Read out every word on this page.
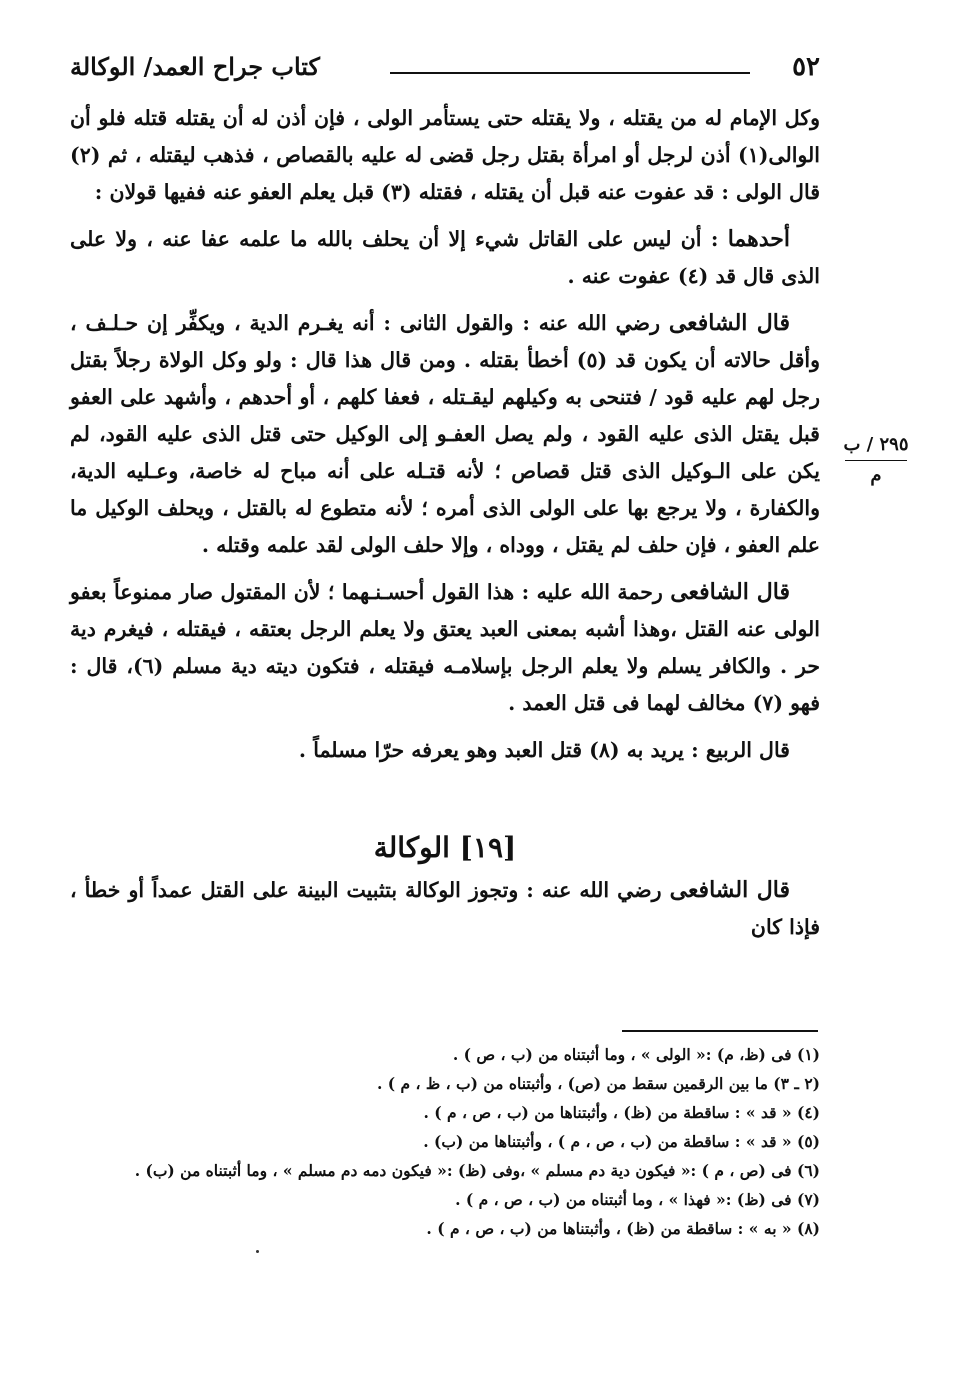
٥٢
كتاب جراح العمد/ الوكالة
٢٩٥ / ب
م

وكل الإمام له من يقتله ، ولا يقتله حتى يستأمر الولى ، فإن أذن له أن يقتله قتله فلو أن الوالى(١) أذن لرجل أو امرأة بقتل رجل قضى له عليه بالقصاص ، فذهب ليقتله ، ثم (٢) قال الولى : قد عفوت عنه قبل أن يقتله ، فقتله (٣) قبل يعلم العفو عنه ففيها قولان :

أحدهما : أن ليس على القاتل شيء إلا أن يحلف بالله ما علمه عفا عنه ، ولا على الذى قال قد (٤) عفوت عنه .

قال الشافعى رضي الله عنه : والقول الثانى : أنه يغـرم الدية ، ويكفِّر إن حـلـف ، وأقل حالاته أن يكون قد (٥) أخطأ بقتله . ومن قال هذا قال : ولو وكل الولاة رجلاً بقتل رجل لهم عليه قود / فتنحى به وكيلهم ليقـتله ، فعفا كلهم ، أو أحدهم ، وأشهد على العفو قبل يقتل الذى عليه القود ، ولم يصل العفـو إلى الوكيل حتى قتل الذى عليه القود، لم يكن على الـوكيل الذى قتل قصاص ؛ لأنه قتـله على أنه مباح له خاصة، وعـليه الدية، والكفارة ، ولا يرجع بها على الولى الذى أمره ؛ لأنه متطوع له بالقتل ، ويحلف الوكيل ما علم العفو ، فإن حلف لم يقتل ، ووداه ، وإلا حلف الولى لقد علمه وقتله .

قال الشافعى رحمة الله عليه : هذا القول أحسـنـهما ؛ لأن المقتول صار ممنوعاً بعفو الولى عنه القتل ،وهذا أشبه بمعنى العبد يعتق ولا يعلم الرجل بعتقه ، فيقتله ، فيغرم دية حر . والكافر يسلم ولا يعلم الرجل بإسلامـه فيقتله ، فتكون ديته دية مسلم (٦)، قال : فهو (٧) مخالف لهما فى قتل العمد .

قال الربيع : يريد به (٨) قتل العبد وهو يعرفه حرّا مسلماً .

[١٩] الوكالة

قال الشافعى رضي الله عنه : وتجوز الوكالة بتثبيت البينة على القتل عمداً أو خطأ ، فإذا كان

(١) فى (ظ، م) :« الولى » ، وما أثبتناه من (ب ، ص ) .

(٢ ـ ٣) ما بين الرقمين سقط من (ص) ، وأثبتناه من (ب ، ظ ، م ) .

(٤) « قد » : ساقطة من (ظ) ، وأثبتناها من (ب ، ص ، م ) .

(٥) « قد » : ساقطة من (ب ، ص ، م ) ، وأثبتناها من (ب) .

(٦) فى (ص ، م ) :« فيكون دية دم مسلم » ،وفى (ظ) :« فيكون دمه دم مسلم » ، وما أثبتناه من (ب) .

(٧) فى (ظ) :« فهذا » ، وما أثبتناه من (ب ، ص ، م ) .

(٨) « به » : ساقطة من (ظ) ، وأثبتناها من (ب ، ص ، م ) .
